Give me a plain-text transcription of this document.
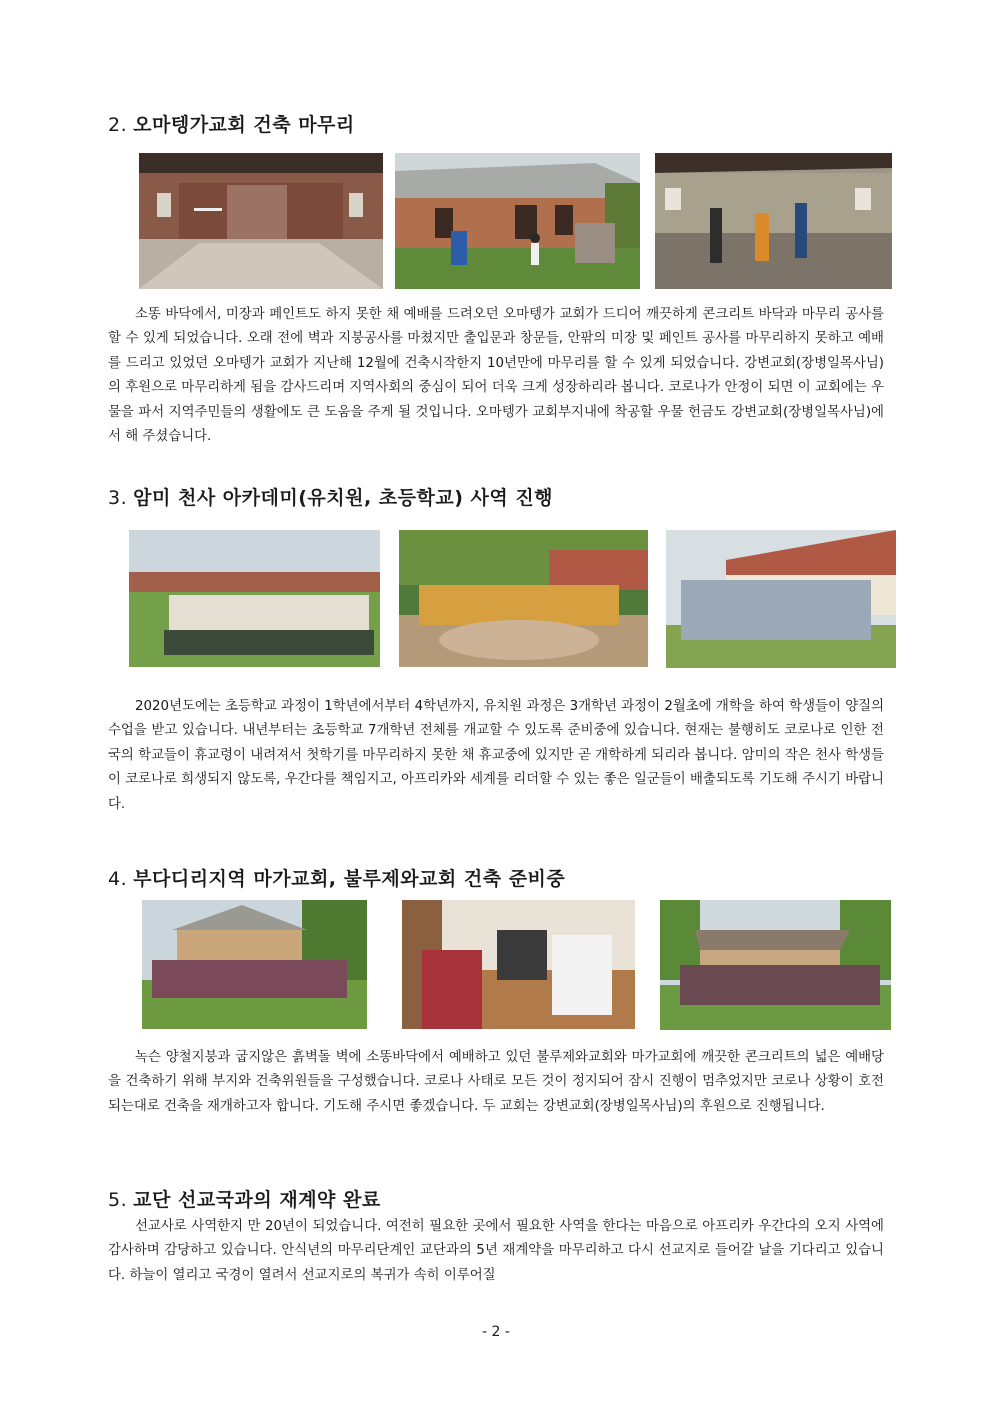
2. 오마텡가교회 건축 마무리

소똥 바닥에서, 미장과 페인트도 하지 못한 채 예배를 드려오던 오마텡가 교회가 드디어 깨끗하게 콘크리트 바닥과 마무리 공사를 할 수 있게 되었습니다. 오래 전에 벽과 지붕공사를 마쳤지만 출입문과 창문들, 안팎의 미장 및 페인트 공사를 마무리하지 못하고 예배를 드리고 있었던 오마텡가 교회가 지난해 12월에 건축시작한지 10년만에 마무리를 할 수 있게 되었습니다. 강변교회(장병일목사님)의 후원으로 마무리하게 됨을 감사드리며 지역사회의 중심이 되어 더욱 크게 성장하리라 봅니다. 코로나가 안정이 되면 이 교회에는 우물을 파서 지역주민들의 생활에도 큰 도움을 주게 될 것입니다. 오마텡가 교회부지내에 착공할 우물 헌금도 강변교회(장병일목사님)에서 해 주셨습니다.

3. 암미 천사 아카데미(유치원, 초등학교) 사역 진행

2020년도에는 초등학교 과정이 1학년에서부터 4학년까지, 유치원 과정은 3개학년 과정이 2월초에 개학을 하여 학생들이 양질의 수업을 받고 있습니다. 내년부터는 초등학교 7개학년 전체를 개교할 수 있도록 준비중에 있습니다. 현재는 불행히도 코로나로 인한 전국의 학교들이 휴교령이 내려져서 첫학기를 마무리하지 못한 채 휴교중에 있지만 곧 개학하게 되리라 봅니다. 암미의 작은 천사 학생들이 코로나로 희생되지 않도록, 우간다를 책임지고, 아프리카와 세계를 리더할 수 있는 좋은 일군들이 배출되도록 기도해 주시기 바랍니다.

4. 부다디리지역 마가교회, 불루제와교회 건축 준비중

녹슨 양철지붕과 굽지않은 흙벽돌 벽에 소똥바닥에서 예배하고 있던 불루제와교회와 마가교회에 깨끗한 콘크리트의 넓은 예배당을 건축하기 위해 부지와 건축위원들을 구성했습니다. 코로나 사태로 모든 것이 정지되어 잠시 진행이 멈추었지만 코로나 상황이 호전 되는대로 건축을 재개하고자 합니다. 기도해 주시면 좋겠습니다. 두 교회는 강변교회(장병일목사님)의 후원으로 진행됩니다.

5. 교단 선교국과의 재계약 완료

선교사로 사역한지 만 20년이 되었습니다. 여전히 필요한 곳에서 필요한 사역을 한다는 마음으로 아프리카 우간다의 오지 사역에 감사하며 감당하고 있습니다. 안식년의 마무리단계인 교단과의 5년 재계약을 마무리하고 다시 선교지로 들어갈 날을 기다리고 있습니다. 하늘이 열리고 국경이 열려서 선교지로의 복귀가 속히 이루어질

- 2 -
